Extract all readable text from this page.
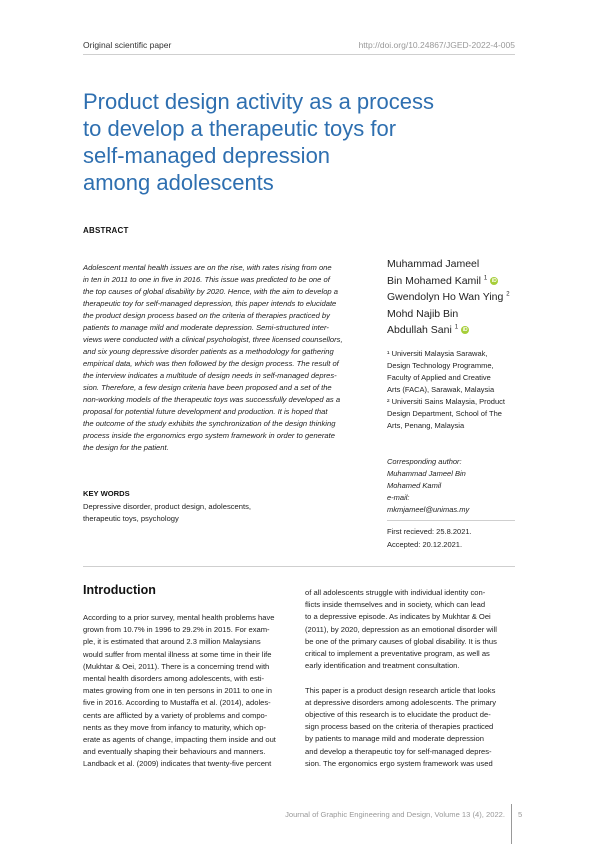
Original scientific paper	http://doi.org/10.24867/JGED-2022-4-005
Product design activity as a process
to develop a therapeutic toys for
self-managed depression
among adolescents
ABSTRACT
Adolescent mental health issues are on the rise, with rates rising from one
in ten in 2011 to one in five in 2016. This issue was predicted to be one of
the top causes of global disability by 2020. Hence, with the aim to develop a
therapeutic toy for self-managed depression, this paper intends to elucidate
the product design process based on the criteria of therapies practiced by
patients to manage mild and moderate depression. Semi-structured inter-
views were conducted with a clinical psychologist, three licensed counsellors,
and six young depressive disorder patients as a methodology for gathering
empirical data, which was then followed by the design process. The result of
the interview indicates a multitude of design needs in self-managed depres-
sion. Therefore, a few design criteria have been proposed and a set of the
non-working models of the therapeutic toys was successfully developed as a
proposal for potential future development and production. It is hoped that
the outcome of the study exhibits the synchronization of the design thinking
process inside the ergonomics ergo system framework in order to generate
the design for the patient.
KEY WORDS
Depressive disorder, product design, adolescents,
therapeutic toys, psychology
Muhammad Jameel
Bin Mohamed Kamil $^1$ iD
Gwendolyn Ho Wan Ying $^2$
Mohd Najib Bin
Abdullah Sani $^1$ iD
¹ Universiti Malaysia Sarawak,
Design Technology Programme,
Faculty of Applied and Creative
Arts (FACA), Sarawak, Malaysia
² Universiti Sains Malaysia, Product
Design Department, School of The
Arts, Penang, Malaysia
Corresponding author:
Muhammad Jameel Bin
Mohamed Kamil
e-mail:
mkmjameel@unimas.my
First recieved: 25.8.2021.
Accepted: 20.12.2021.
Introduction
According to a prior survey, mental health problems have
grown from 10.7% in 1996 to 29.2% in 2015. For exam-
ple, it is estimated that around 2.3 million Malaysians
would suffer from mental illness at some time in their life
(Mukhtar & Oei, 2011). There is a concerning trend with
mental health disorders among adolescents, with esti-
mates growing from one in ten persons in 2011 to one in
five in 2016. According to Mustaffa et al. (2014), adoles-
cents are afflicted by a variety of problems and compo-
nents as they move from infancy to maturity, which op-
erate as agents of change, impacting them inside and out
and eventually shaping their behaviours and manners.
Landback et al. (2009) indicates that twenty-five percent
of all adolescents struggle with individual identity con-
flicts inside themselves and in society, which can lead
to a depressive episode. As indicates by Mukhtar & Oei
(2011), by 2020, depression as an emotional disorder will
be one of the primary causes of global disability. It is thus
critical to implement a preventative program, as well as
early identification and treatment consultation.
This paper is a product design research article that looks
at depressive disorders among adolescents. The primary
objective of this research is to elucidate the product de-
sign process based on the criteria of therapies practiced
by patients to manage mild and moderate depression
and develop a therapeutic toy for self-managed depres-
sion. The ergonomics ergo system framework was used
Journal of Graphic Engineering and Design, Volume 13 (4), 2022. 5
